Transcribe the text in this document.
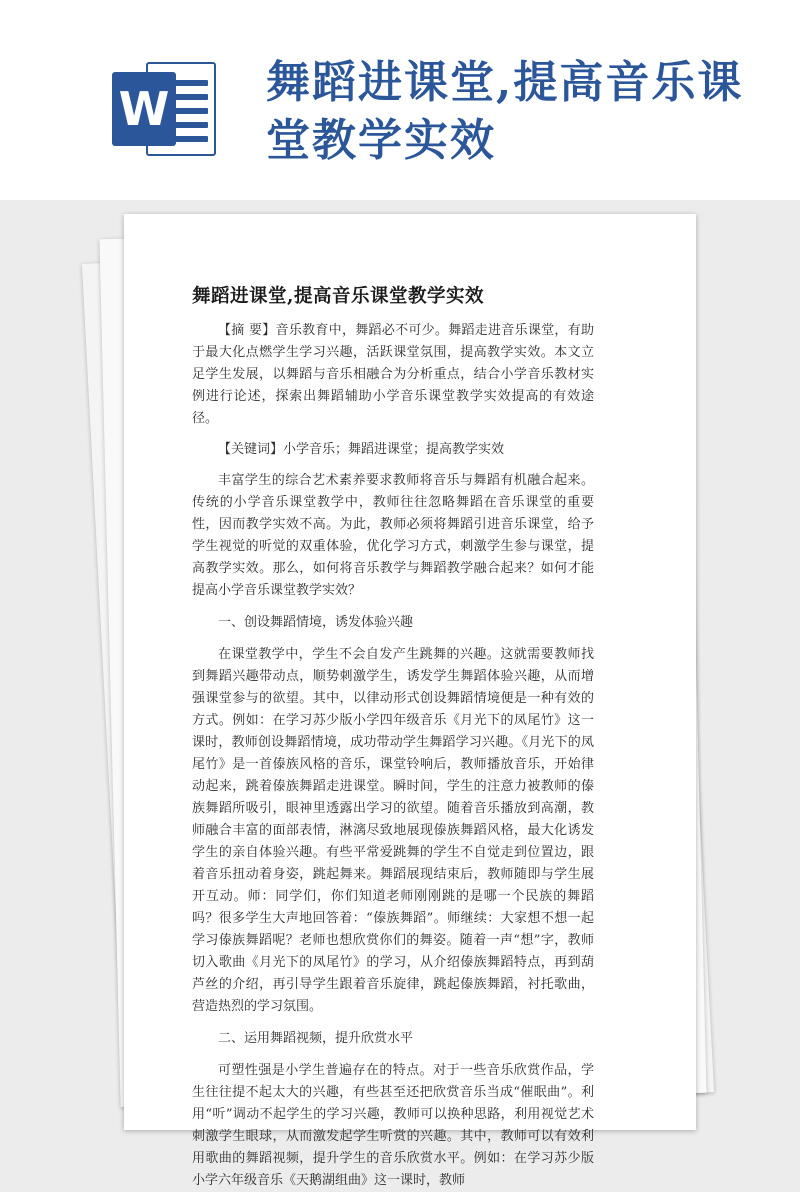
W 舞蹈进课堂,提高音乐课堂教学实效
舞蹈进课堂,提高音乐课堂教学实效

【摘 要】音乐教育中，舞蹈必不可少。舞蹈走进音乐课堂，有助于最大化点燃学生学习兴趣，活跃课堂氛围，提高教学实效。本文立足学生发展，以舞蹈与音乐相融合为分析重点，结合小学音乐教材实例进行论述，探索出舞蹈辅助小学音乐课堂教学实效提高的有效途径。

【关键词】小学音乐；舞蹈进课堂；提高教学实效

丰富学生的综合艺术素养要求教师将音乐与舞蹈有机融合起来。传统的小学音乐课堂教学中，教师往往忽略舞蹈在音乐课堂的重要性，因而教学实效不高。为此，教师必须将舞蹈引进音乐课堂，给予学生视觉的听觉的双重体验，优化学习方式，刺激学生参与课堂，提高教学实效。那么，如何将音乐教学与舞蹈教学融合起来？如何才能提高小学音乐课堂教学实效？

一、创设舞蹈情境，诱发体验兴趣

在课堂教学中，学生不会自发产生跳舞的兴趣。这就需要教师找到舞蹈兴趣带动点，顺势刺激学生，诱发学生舞蹈体验兴趣，从而增强课堂参与的欲望。其中，以律动形式创设舞蹈情境便是一种有效的方式。例如：在学习苏少版小学四年级音乐《月光下的凤尾竹》这一课时，教师创设舞蹈情境，成功带动学生舞蹈学习兴趣。《月光下的凤尾竹》是一首傣族风格的音乐，课堂铃响后，教师播放音乐，开始律动起来，跳着傣族舞蹈走进课堂。瞬时间，学生的注意力被教师的傣族舞蹈所吸引，眼神里透露出学习的欲望。随着音乐播放到高潮，教师融合丰富的面部表情，淋漓尽致地展现傣族舞蹈风格，最大化诱发学生的亲自体验兴趣。有些平常爱跳舞的学生不自觉走到位置边，跟着音乐扭动着身姿，跳起舞来。舞蹈展现结束后，教师随即与学生展开互动。师：同学们，你们知道老师刚刚跳的是哪一个民族的舞蹈吗？很多学生大声地回答着：“傣族舞蹈”。师继续：大家想不想一起学习傣族舞蹈呢？老师也想欣赏你们的舞姿。随着一声“想”字，教师切入歌曲《月光下的凤尾竹》的学习，从介绍傣族舞蹈特点，再到葫芦丝的介绍，再引导学生跟着音乐旋律，跳起傣族舞蹈，衬托歌曲，营造热烈的学习氛围。

二、运用舞蹈视频，提升欣赏水平

可塑性强是小学生普遍存在的特点。对于一些音乐欣赏作品，学生往往提不起太大的兴趣，有些甚至还把欣赏音乐当成“催眠曲”。利用“听”调动不起学生的学习兴趣，教师可以换种思路，利用视觉艺术刺激学生眼球，从而激发起学生听赏的兴趣。其中，教师可以有效利用歌曲的舞蹈视频，提升学生的音乐欣赏水平。例如：在学习苏少版小学六年级音乐《天鹅湖组曲》这一课时，教师
